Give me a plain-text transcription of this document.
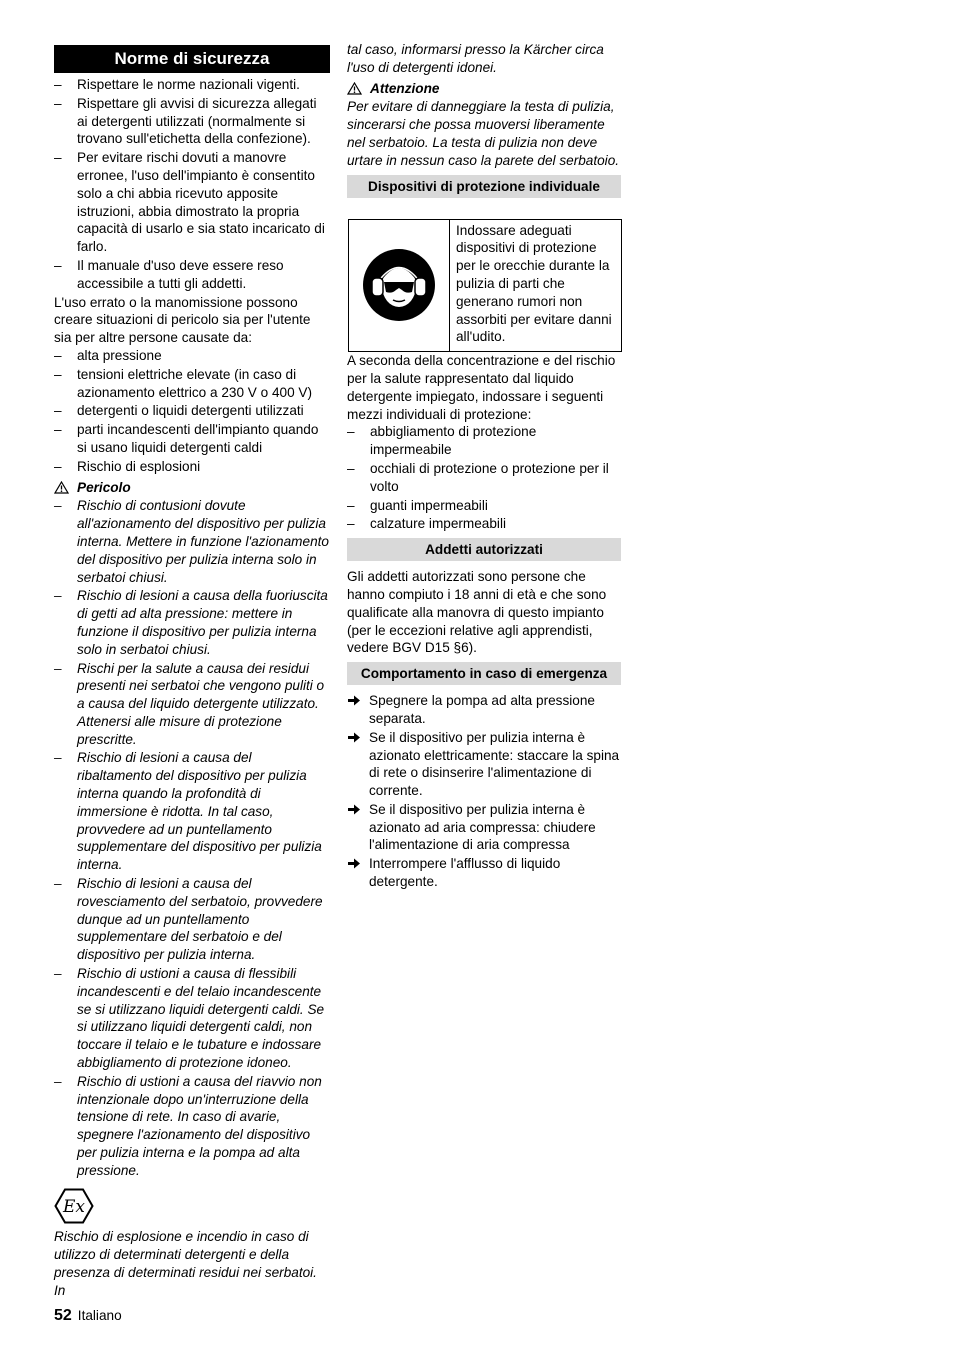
Norme di sicurezza
– Rispettare le norme nazionali vigenti.
– Rispettare gli avvisi di sicurezza allegati ai detergenti utilizzati (normalmente si trovano sull'etichetta della confezione).
– Per evitare rischi dovuti a manovre erronee, l'uso dell'impianto è consentito solo a chi abbia ricevuto apposite istruzioni, abbia dimostrato la propria capacità di usarlo e sia stato incaricato di farlo.
– Il manuale d'uso deve essere reso accessibile a tutti gli addetti.

L'uso errato o la manomissione possono creare situazioni di pericolo sia per l'utente sia per altre persone causate da:

– alta pressione
– tensioni elettriche elevate (in caso di azionamento elettrico a 230 V o 400 V)
– detergenti o liquidi detergenti utilizzati
– parti incandescenti dell'impianto quando si usano liquidi detergenti caldi
– Rischio di esplosioni
Pericolo
– Rischio di contusioni dovute all'azionamento del dispositivo per pulizia interna. Mettere in funzione l'azionamento del dispositivo per pulizia interna solo in serbatoi chiusi.
– Rischio di lesioni a causa della fuoriuscita di getti ad alta pressione: mettere in funzione il dispositivo per pulizia interna solo in serbatoi chiusi.
– Rischi per la salute a causa dei residui presenti nei serbatoi che vengono puliti o a causa del liquido detergente utilizzato. Attenersi alle misure di protezione prescritte.
– Rischio di lesioni a causa del ribaltamento del dispositivo per pulizia interna quando la profondità di immersione è ridotta. In tal caso, provvedere ad un puntellamento supplementare del dispositivo per pulizia interna.
– Rischio di lesioni a causa del rovesciamento del serbatoio, provvedere dunque ad un puntellamento supplementare del serbatoio e del dispositivo per pulizia interna.
– Rischio di ustioni a causa di flessibili incandescenti e del telaio incandescente se si utilizzano liquidi detergenti caldi. Se si utilizzano liquidi detergenti caldi, non toccare il telaio e le tubature e indossare abbigliamento di protezione idoneo.
– Rischio di ustioni a causa del riavvio non intenzionale dopo un'interruzione della tensione di rete. In caso di avarie, spegnere l'azionamento del dispositivo per pulizia interna e la pompa ad alta pressione.
Ex

Rischio di esplosione e incendio in caso di utilizzo di determinati detergenti e della presenza di determinati residui nei serbatoi. In

tal caso, informarsi presso la Kärcher circa l'uso di detergenti idonei.

Attenzione

Per evitare di danneggiare la testa di pulizia, sincerarsi che possa muoversi liberamente nel serbatoio. La testa di pulizia non deve urtare in nessun caso la parete del serbatoio.

Dispositivi di protezione individuale
Indossare adeguati dispositivi di protezione per le orecchie durante la pulizia di parti che generano rumori non assorbiti per evitare danni all'udito.

A seconda della concentrazione e del rischio per la salute rappresentato dal liquido detergente impiegato, indossare i seguenti mezzi individuali di protezione:

– abbigliamento di protezione impermeabile
– occhiali di protezione o protezione per il volto
– guanti impermeabili
– calzature impermeabili
Addetti autorizzati

Gli addetti autorizzati sono persone che hanno compiuto i 18 anni di età e che sono qualificate alla manovra di questo impianto (per le eccezioni relative agli apprendisti, vedere BGV D15 §6).

Comportamento in caso di emergenza
Spegnere la pompa ad alta pressione separata.
Se il dispositivo per pulizia interna è azionato elettricamente: staccare la spina di rete o disinserire l'alimentazione di corrente.
Se il dispositivo per pulizia interna è azionato ad aria compressa: chiudere l'alimentazione di aria compressa
Interrompere l'afflusso di liquido detergente.
52 Italiano
